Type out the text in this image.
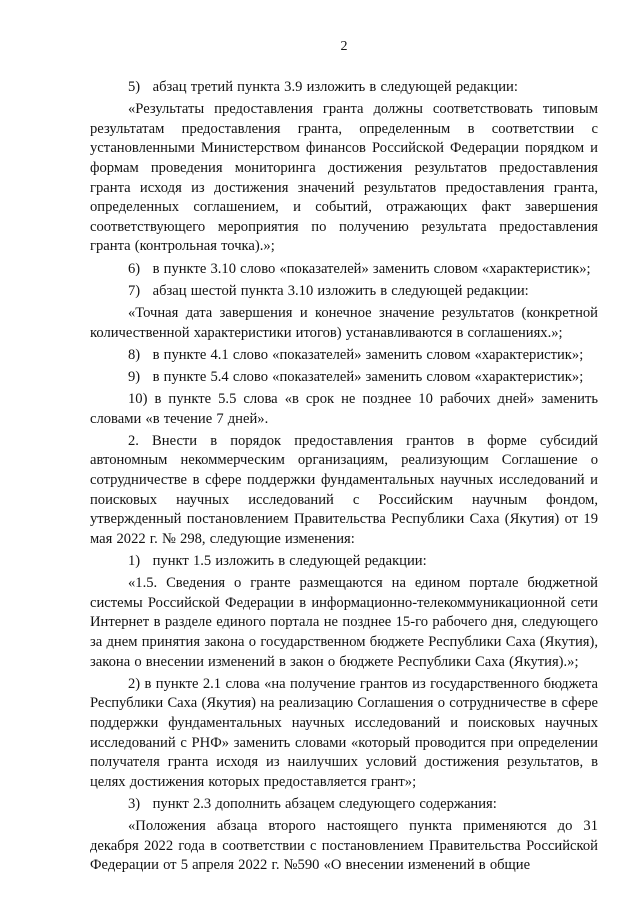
2

5)   абзац третий пункта 3.9 изложить в следующей редакции:

«Результаты предоставления гранта должны соответствовать типовым результатам предоставления гранта, определенным в соответствии с установленными Министерством финансов Российской Федерации порядком и формам проведения мониторинга достижения результатов предоставления гранта исходя из достижения значений результатов предоставления гранта, определенных соглашением, и событий, отражающих факт завершения соответствующего мероприятия по получению результата предоставления гранта (контрольная точка).»;

6)   в пункте 3.10 слово «показателей» заменить словом «характеристик»;

7)   абзац шестой пункта 3.10 изложить в следующей редакции:

«Точная дата завершения и конечное значение результатов (конкретной количественной характеристики итогов) устанавливаются в соглашениях.»;

8)   в пункте 4.1 слово «показателей» заменить словом «характеристик»;

9)   в пункте 5.4 слово «показателей» заменить словом «характеристик»;

10) в пункте 5.5 слова «в срок не позднее 10 рабочих дней» заменить словами «в течение 7 дней».

2. Внести в порядок предоставления грантов в форме субсидий автономным некоммерческим организациям, реализующим Соглашение о сотрудничестве в сфере поддержки фундаментальных научных исследований и поисковых научных исследований с Российским научным фондом, утвержденный постановлением Правительства Республики Саха (Якутия) от 19 мая 2022 г. № 298, следующие изменения:

1)   пункт 1.5 изложить в следующей редакции:

«1.5. Сведения о гранте размещаются на едином портале бюджетной системы Российской Федерации в информационно-телекоммуникационной сети Интернет в разделе единого портала не позднее 15-го рабочего дня, следующего за днем принятия закона о государственном бюджете Республики Саха (Якутия), закона о внесении изменений в закон о бюджете Республики Саха (Якутия).»;

2) в пункте 2.1 слова «на получение грантов из государственного бюджета Республики Саха (Якутия) на реализацию Соглашения о сотрудничестве в сфере поддержки фундаментальных научных исследований и поисковых научных исследований с РНФ» заменить словами «который проводится при определении получателя гранта исходя из наилучших условий достижения результатов, в целях достижения которых предоставляется грант»;

3)   пункт 2.3 дополнить абзацем следующего содержания:

«Положения абзаца второго настоящего пункта применяются до 31 декабря 2022 года в соответствии с постановлением Правительства Российской Федерации от 5 апреля 2022 г. №590 «О внесении изменений в общие
